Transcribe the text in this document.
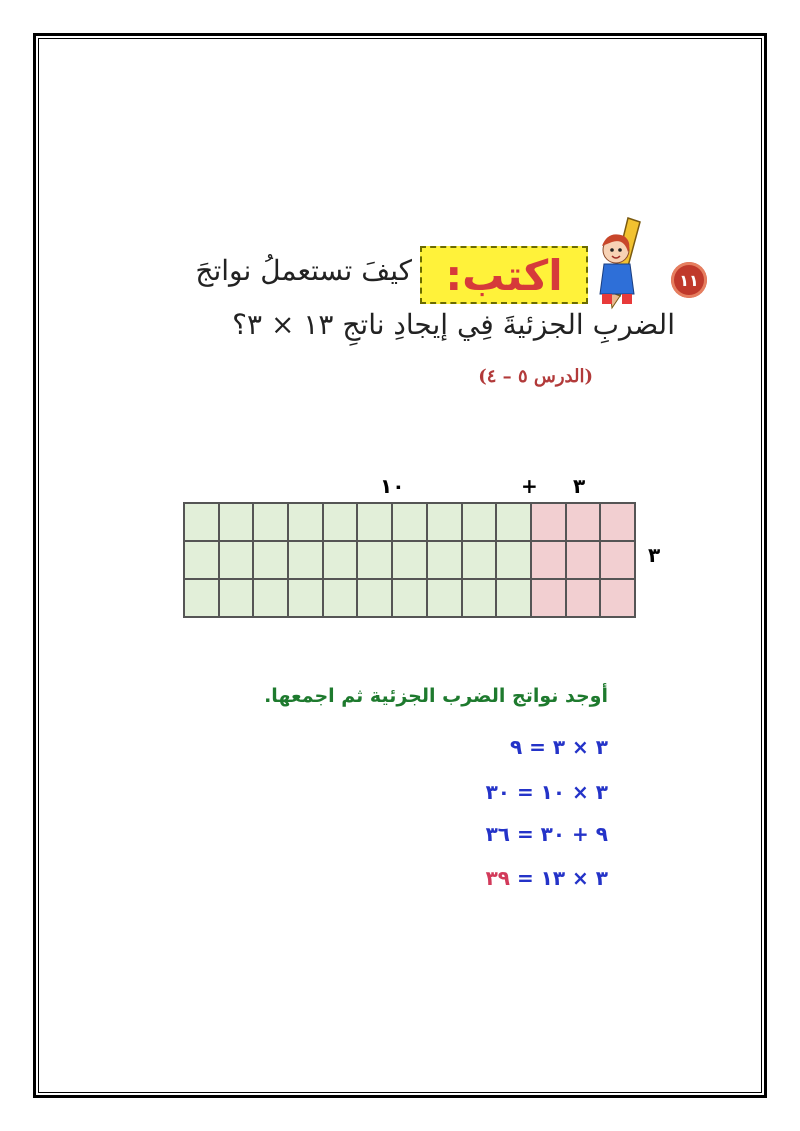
١١
اكتب:
كيفَ تستعملُ نواتجَ
الضربِ الجزئيةَ فِي إيجادِ ناتجِ ١٣ × ٣؟
(الدرس ٥ – ٤)
١٠	+ ٣
٣
أوجد نواتج الضرب الجزئية ثم اجمعها.
٣ × ٣ = ٩
٣ × ١٠ = ٣٠
٩ + ٣٠ = ٣٦
٣ × ١٣ = ٣٩
